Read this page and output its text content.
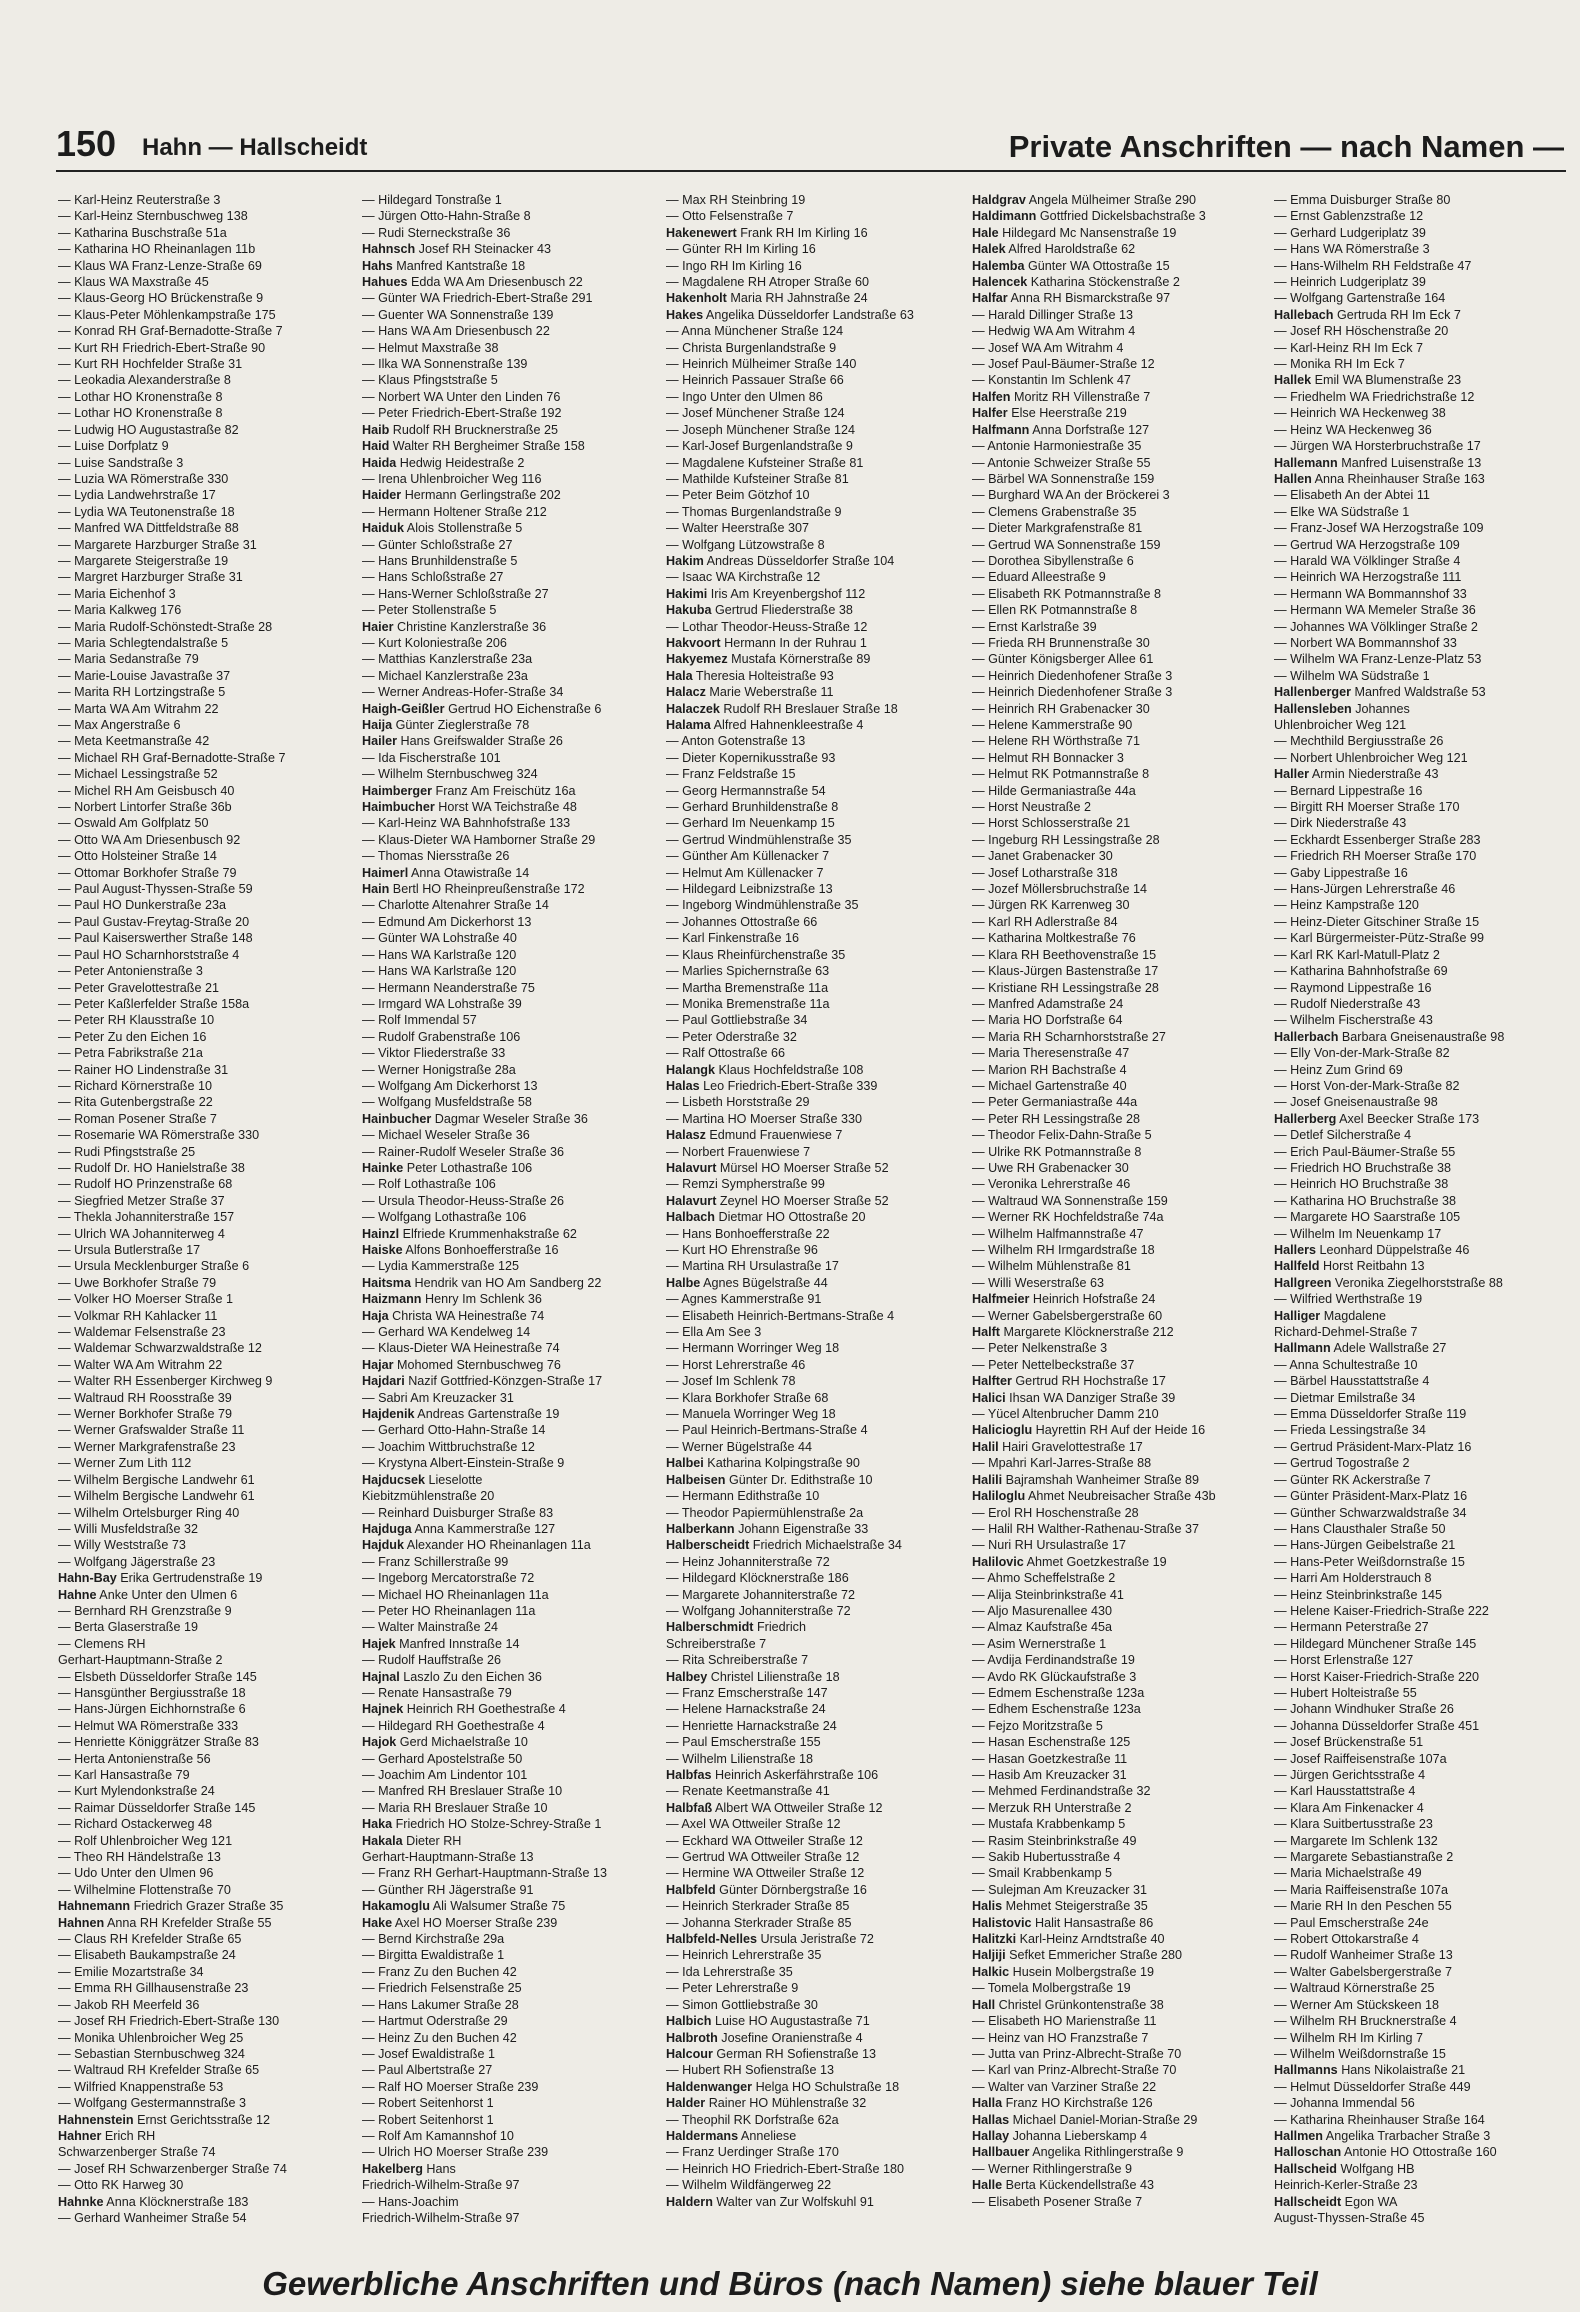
150 Hahn — Hallscheidt	Private Anschriften — nach Namen —
— Karl-Heinz Reuterstraße 3
— Karl-Heinz Sternbuschweg 138
— Katharina Buschstraße 51a
— Katharina HO Rheinanlagen 11b
— Klaus WA Franz-Lenze-Straße 69
— Klaus WA Maxstraße 45
— Klaus-Georg HO Brückenstraße 9
— Klaus-Peter Möhlenkampstraße 175
— Konrad RH Graf-Bernadotte-Straße 7
— Kurt RH Friedrich-Ebert-Straße 90
— Kurt RH Hochfelder Straße 31
— Leokadia Alexanderstraße 8
— Lothar HO Kronenstraße 8
— Lothar HO Kronenstraße 8
— Ludwig HO Augustastraße 82
— Luise Dorfplatz 9
— Luise Sandstraße 3
— Luzia WA Römerstraße 330
— Lydia Landwehrstraße 17
— Lydia WA Teutonenstraße 18
— Manfred WA Dittfeldstraße 88
— Margarete Harzburger Straße 31
— Margarete Steigerstraße 19
— Margret Harzburger Straße 31
— Maria Eichenhof 3
— Maria Kalkweg 176
— Maria Rudolf-Schönstedt-Straße 28
— Maria Schlegtendalstraße 5
— Maria Sedanstraße 79
— Marie-Louise Javastraße 37
— Marita RH Lortzingstraße 5
— Marta WA Am Witrahm 22
— Max Angerstraße 6
— Meta Keetmanstraße 42
— Michael RH Graf-Bernadotte-Straße 7
— Michael Lessingstraße 52
— Michel RH Am Geisbusch 40
— Norbert Lintorfer Straße 36b
— Oswald Am Golfplatz 50
— Otto WA Am Driesenbusch 92
— Otto Holsteiner Straße 14
— Ottomar Borkhofer Straße 79
— Paul August-Thyssen-Straße 59
— Paul HO Dunkerstraße 23a
— Paul Gustav-Freytag-Straße 20
— Paul Kaiserswerther Straße 148
— Paul HO Scharnhorststraße 4
— Peter Antonienstraße 3
— Peter Gravelottestraße 21
— Peter Kaßlerfelder Straße 158a
— Peter RH Klausstraße 10
— Peter Zu den Eichen 16
— Petra Fabrikstraße 21a
— Rainer HO Lindenstraße 31
— Richard Körnerstraße 10
— Rita Gutenbergstraße 22
— Roman Posener Straße 7
— Rosemarie WA Römerstraße 330
— Rudi Pfingststraße 25
— Rudolf Dr. HO Hanielstraße 38
— Rudolf HO Prinzenstraße 68
— Siegfried Metzer Straße 37
— Thekla Johanniterstraße 157
— Ulrich WA Johanniterweg 4
— Ursula Butlerstraße 17
— Ursula Mecklenburger Straße 6
— Uwe Borkhofer Straße 79
— Volker HO Moerser Straße 1
— Volkmar RH Kahlacker 11
— Waldemar Felsenstraße 23
— Waldemar Schwarzwaldstraße 12
— Walter WA Am Witrahm 22
— Walter RH Essenberger Kirchweg 9
— Waltraud RH Roosstraße 39
— Werner Borkhofer Straße 79
— Werner Grafswalder Straße 11
— Werner Markgrafenstraße 23
— Werner Zum Lith 112
— Wilhelm Bergische Landwehr 61
— Wilhelm Bergische Landwehr 61
— Wilhelm Ortelsburger Ring 40
— Willi Musfeldstraße 32
— Willy Weststraße 73
— Wolfgang Jägerstraße 23
Hahn-Bay Erika Gertrudenstraße 19
Hahne Anke Unter den Ulmen 6
— Bernhard RH Grenzstraße 9
— Berta Glaserstraße 19
— Clemens RH
Gerhart-Hauptmann-Straße 2
— Elsbeth Düsseldorfer Straße 145
— Hansgünther Bergiusstraße 18
— Hans-Jürgen Eichhornstraße 6
— Helmut WA Römerstraße 333
— Henriette Königgrätzer Straße 83
— Herta Antonienstraße 56
— Karl Hansastraße 79
— Kurt Mylendonkstraße 24
— Raimar Düsseldorfer Straße 145
— Richard Ostackerweg 48
— Rolf Uhlenbroicher Weg 121
— Theo RH Händelstraße 13
— Udo Unter den Ulmen 96
— Wilhelmine Flottenstraße 70
Hahnemann Friedrich Grazer Straße 35
Hahnen Anna RH Krefelder Straße 55
— Claus RH Krefelder Straße 65
— Elisabeth Baukampstraße 24
— Emilie Mozartstraße 34
— Emma RH Gillhausenstraße 23
— Jakob RH Meerfeld 36
— Josef RH Friedrich-Ebert-Straße 130
— Monika Uhlenbroicher Weg 25
— Sebastian Sternbuschweg 324
— Waltraud RH Krefelder Straße 65
— Wilfried Knappenstraße 53
— Wolfgang Gestermannstraße 3
Hahnenstein Ernst Gerichtsstraße 12
Hahner Erich RH
Schwarzenberger Straße 74
— Josef RH Schwarzenberger Straße 74
— Otto RK Harweg 30
Hahnke Anna Klöcknerstraße 183
— Gerhard Wanheimer Straße 54
— Hildegard Tonstraße 1
— Jürgen Otto-Hahn-Straße 8
— Rudi Sterneckstraße 36
Hahnsch Josef RH Steinacker 43
Hahs Manfred Kantstraße 18
Hahues Edda WA Am Driesenbusch 22
— Günter WA Friedrich-Ebert-Straße 291
— Guenter WA Sonnenstraße 139
— Hans WA Am Driesenbusch 22
— Helmut Maxstraße 38
— Ilka WA Sonnenstraße 139
— Klaus Pfingststraße 5
— Norbert WA Unter den Linden 76
— Peter Friedrich-Ebert-Straße 192
Haib Rudolf RH Brucknerstraße 25
Haid Walter RH Bergheimer Straße 158
Haida Hedwig Heidestraße 2
— Irena Uhlenbroicher Weg 116
Haider Hermann Gerlingstraße 202
— Hermann Holtener Straße 212
Haiduk Alois Stollenstraße 5
— Günter Schloßstraße 27
— Hans Brunhildenstraße 5
— Hans Schloßstraße 27
— Hans-Werner Schloßstraße 27
— Peter Stollenstraße 5
Haier Christine Kanzlerstraße 36
— Kurt Koloniestraße 206
— Matthias Kanzlerstraße 23a
— Michael Kanzlerstraße 23a
— Werner Andreas-Hofer-Straße 34
Haigh-Geißler Gertrud HO Eichenstraße 6
Haija Günter Zieglerstraße 78
Hailer Hans Greifswalder Straße 26
— Ida Fischerstraße 101
— Wilhelm Sternbuschweg 324
Haimberger Franz Am Freischütz 16a
Haimbucher Horst WA Teichstraße 48
— Karl-Heinz WA Bahnhofstraße 133
— Klaus-Dieter WA Hamborner Straße 29
— Thomas Niersstraße 26
Haimerl Anna Otawistraße 14
Hain Bertl HO Rheinpreußenstraße 172
— Charlotte Altenahrer Straße 14
— Edmund Am Dickerhorst 13
— Günter WA Lohstraße 40
— Hans WA Karlstraße 120
— Hans WA Karlstraße 120
— Hermann Neanderstraße 75
— Irmgard WA Lohstraße 39
— Rolf Immendal 57
— Rudolf Grabenstraße 106
— Viktor Fliederstraße 33
— Werner Honigstraße 28a
— Wolfgang Am Dickerhorst 13
— Wolfgang Musfeldstraße 58
Hainbucher Dagmar Weseler Straße 36
— Michael Weseler Straße 36
— Rainer-Rudolf Weseler Straße 36
Hainke Peter Lothastraße 106
— Rolf Lothastraße 106
— Ursula Theodor-Heuss-Straße 26
— Wolfgang Lothastraße 106
Hainzl Elfriede Krummenhakstraße 62
Haiske Alfons Bonhoefferstraße 16
— Lydia Kammerstraße 125
Haitsma Hendrik van HO Am Sandberg 22
Haizmann Henry Im Schlenk 36
Haja Christa WA Heinestraße 74
— Gerhard WA Kendelweg 14
— Klaus-Dieter WA Heinestraße 74
Hajar Mohomed Sternbuschweg 76
Hajdari Nazif Gottfried-Könzgen-Straße 17
— Sabri Am Kreuzacker 31
Hajdenik Andreas Gartenstraße 19
— Gerhard Otto-Hahn-Straße 14
— Joachim Wittbruchstraße 12
— Krystyna Albert-Einstein-Straße 9
Hajducsek Lieselotte
Kiebitzmühlenstraße 20
— Reinhard Duisburger Straße 83
Hajduga Anna Kammerstraße 127
Hajduk Alexander HO Rheinanlagen 11a
— Franz Schillerstraße 99
— Ingeborg Mercatorstraße 72
— Michael HO Rheinanlagen 11a
— Peter HO Rheinanlagen 11a
— Walter Mainstraße 24
Hajek Manfred Innstraße 14
— Rudolf Hauffstraße 26
Hajnal Laszlo Zu den Eichen 36
— Renate Hansastraße 79
Hajnek Heinrich RH Goethestraße 4
— Hildegard RH Goethestraße 4
Hajok Gerd Michaelstraße 10
— Gerhard Apostelstraße 50
— Joachim Am Lindentor 101
— Manfred RH Breslauer Straße 10
— Maria RH Breslauer Straße 10
Haka Friedrich HO Stolze-Schrey-Straße 1
Hakala Dieter RH
Gerhart-Hauptmann-Straße 13
— Franz RH Gerhart-Hauptmann-Straße 13
— Günther RH Jägerstraße 91
Hakamoglu Ali Walsumer Straße 75
Hake Axel HO Moerser Straße 239
— Bernd Kirchstraße 29a
— Birgitta Ewaldistraße 1
— Franz Zu den Buchen 42
— Friedrich Felsenstraße 25
— Hans Lakumer Straße 28
— Hartmut Oderstraße 29
— Heinz Zu den Buchen 42
— Josef Ewaldistraße 1
— Paul Albertstraße 27
— Ralf HO Moerser Straße 239
— Robert Seitenhorst 1
— Robert Seitenhorst 1
— Rolf Am Kamannshof 10
— Ulrich HO Moerser Straße 239
Hakelberg Hans
Friedrich-Wilhelm-Straße 97
— Hans-Joachim
Friedrich-Wilhelm-Straße 97
— Max RH Steinbring 19
— Otto Felsenstraße 7
Hakenewert Frank RH Im Kirling 16
— Günter RH Im Kirling 16
— Ingo RH Im Kirling 16
— Magdalene RH Atroper Straße 60
Hakenholt Maria RH Jahnstraße 24
Hakes Angelika Düsseldorfer Landstraße 63
— Anna Münchener Straße 124
— Christa Burgenlandstraße 9
— Heinrich Mülheimer Straße 140
— Heinrich Passauer Straße 66
— Ingo Unter den Ulmen 86
— Josef Münchener Straße 124
— Joseph Münchener Straße 124
— Karl-Josef Burgenlandstraße 9
— Magdalene Kufsteiner Straße 81
— Mathilde Kufsteiner Straße 81
— Peter Beim Götzhof 10
— Thomas Burgenlandstraße 9
— Walter Heerstraße 307
— Wolfgang Lützowstraße 8
Hakim Andreas Düsseldorfer Straße 104
— Isaac WA Kirchstraße 12
Hakimi Iris Am Kreyenbergshof 112
Hakuba Gertrud Fliederstraße 38
— Lothar Theodor-Heuss-Straße 12
Hakvoort Hermann In der Ruhrau 1
Hakyemez Mustafa Körnerstraße 89
Hala Theresia Holteistraße 93
Halacz Marie Weberstraße 11
Halaczek Rudolf RH Breslauer Straße 18
Halama Alfred Hahnenkleestraße 4
— Anton Gotenstraße 13
— Dieter Kopernikusstraße 93
— Franz Feldstraße 15
— Georg Hermannstraße 54
— Gerhard Brunhildenstraße 8
— Gerhard Im Neuenkamp 15
— Gertrud Windmühlenstraße 35
— Günther Am Küllenacker 7
— Helmut Am Küllenacker 7
— Hildegard Leibnizstraße 13
— Ingeborg Windmühlenstraße 35
— Johannes Ottostraße 66
— Karl Finkenstraße 16
— Klaus Rheinfürchenstraße 35
— Marlies Spichernstraße 63
— Martha Bremenstraße 11a
— Monika Bremenstraße 11a
— Paul Gottliebstraße 34
— Peter Oderstraße 32
— Ralf Ottostraße 66
Halangk Klaus Hochfeldstraße 108
Halas Leo Friedrich-Ebert-Straße 339
— Lisbeth Horststraße 29
— Martina HO Moerser Straße 330
Halasz Edmund Frauenwiese 7
— Norbert Frauenwiese 7
Halavurt Mürsel HO Moerser Straße 52
— Remzi Sympherstraße 99
Halavurt Zeynel HO Moerser Straße 52
Halbach Dietmar HO Ottostraße 20
— Hans Bonhoefferstraße 22
— Kurt HO Ehrenstraße 96
— Martina RH Ursulastraße 17
Halbe Agnes Bügelstraße 44
— Agnes Kammerstraße 91
— Elisabeth Heinrich-Bertmans-Straße 4
— Ella Am See 3
— Hermann Worringer Weg 18
— Horst Lehrerstraße 46
— Josef Im Schlenk 78
— Klara Borkhofer Straße 68
— Manuela Worringer Weg 18
— Paul Heinrich-Bertmans-Straße 4
— Werner Bügelstraße 44
Halbei Katharina Kolpingstraße 90
Halbeisen Günter Dr. Edithstraße 10
— Hermann Edithstraße 10
— Theodor Papiermühlenstraße 2a
Halberkann Johann Eigenstraße 33
Halberscheidt Friedrich Michaelstraße 34
— Heinz Johanniterstraße 72
— Hildegard Klöcknerstraße 186
— Margarete Johanniterstraße 72
— Wolfgang Johanniterstraße 72
Halberschmidt Friedrich
Schreiberstraße 7
— Rita Schreiberstraße 7
Halbey Christel Lilienstraße 18
— Franz Emscherstraße 147
— Helene Harnackstraße 24
— Henriette Harnackstraße 24
— Paul Emscherstraße 155
— Wilhelm Lilienstraße 18
Halbfas Heinrich Askerfährstraße 106
— Renate Keetmanstraße 41
Halbfaß Albert WA Ottweiler Straße 12
— Axel WA Ottweiler Straße 12
— Eckhard WA Ottweiler Straße 12
— Gertrud WA Ottweiler Straße 12
— Hermine WA Ottweiler Straße 12
Halbfeld Günter Dörnbergstraße 16
— Heinrich Sterkrader Straße 85
— Johanna Sterkrader Straße 85
Halbfeld-Nelles Ursula Jeristraße 72
— Heinrich Lehrerstraße 35
— Ida Lehrerstraße 35
— Peter Lehrerstraße 9
— Simon Gottliebstraße 30
Halbich Luise HO Augustastraße 71
Halbroth Josefine Oranienstraße 4
Halcour German RH Sofienstraße 13
— Hubert RH Sofienstraße 13
Haldenwanger Helga HO Schulstraße 18
Halder Rainer HO Mühlenstraße 32
— Theophil RK Dorfstraße 62a
Haldermans Anneliese
— Franz Uerdinger Straße 170
— Heinrich HO Friedrich-Ebert-Straße 180
— Wilhelm Wildfängerweg 22
Haldern Walter van Zur Wolfskuhl 91
Haldgrav Angela Mülheimer Straße 290
Haldimann Gottfried Dickelsbachstraße 3
Hale Hildegard Mc Nansenstraße 19
Halek Alfred Haroldstraße 62
Halemba Günter WA Ottostraße 15
Halencek Katharina Stöckenstraße 2
Halfar Anna RH Bismarckstraße 97
— Harald Dillinger Straße 13
— Hedwig WA Am Witrahm 4
— Josef WA Am Witrahm 4
— Josef Paul-Bäumer-Straße 12
— Konstantin Im Schlenk 47
Halfen Moritz RH Villenstraße 7
Halfer Else Heerstraße 219
Halfmann Anna Dorfstraße 127
— Antonie Harmoniestraße 35
— Antonie Schweizer Straße 55
— Bärbel WA Sonnenstraße 159
— Burghard WA An der Bröckerei 3
— Clemens Grabenstraße 35
— Dieter Markgrafenstraße 81
— Gertrud WA Sonnenstraße 159
— Dorothea Sibyllenstraße 6
— Eduard Alleestraße 9
— Elisabeth RK Potmannstraße 8
— Ellen RK Potmannstraße 8
— Ernst Karlstraße 39
— Frieda RH Brunnenstraße 30
— Günter Königsberger Allee 61
— Heinrich Diedenhofener Straße 3
— Heinrich Diedenhofener Straße 3
— Heinrich RH Grabenacker 30
— Helene Kammerstraße 90
— Helene RH Wörthstraße 71
— Helmut RH Bonnacker 3
— Helmut RK Potmannstraße 8
— Hilde Germaniastraße 44a
— Horst Neustraße 2
— Horst Schlosserstraße 21
— Ingeburg RH Lessingstraße 28
— Janet Grabenacker 30
— Josef Lotharstraße 318
— Jozef Möllersbruchstraße 14
— Jürgen RK Karrenweg 30
— Karl RH Adlerstraße 84
— Katharina Moltkestraße 76
— Klara RH Beethovenstraße 15
— Klaus-Jürgen Bastenstraße 17
— Kristiane RH Lessingstraße 28
— Manfred Adamstraße 24
— Maria HO Dorfstraße 64
— Maria RH Scharnhorststraße 27
— Maria Theresenstraße 47
— Marion RH Bachstraße 4
— Michael Gartenstraße 40
— Peter Germaniastraße 44a
— Peter RH Lessingstraße 28
— Theodor Felix-Dahn-Straße 5
— Ulrike RK Potmannstraße 8
— Uwe RH Grabenacker 30
— Veronika Lehrerstraße 46
— Waltraud WA Sonnenstraße 159
— Werner RK Hochfeldstraße 74a
— Wilhelm Halfmannstraße 47
— Wilhelm RH Irmgardstraße 18
— Wilhelm Mühlenstraße 81
— Willi Weserstraße 63
Halfmeier Heinrich Hofstraße 24
— Werner Gabelsbergerstraße 60
Halft Margarete Klöcknerstraße 212
— Peter Nelkenstraße 3
— Peter Nettelbeckstraße 37
Halfter Gertrud RH Hochstraße 17
Halici Ihsan WA Danziger Straße 39
— Yücel Altenbrucher Damm 210
Halicioglu Hayrettin RH Auf der Heide 16
Halil Hairi Gravelottestraße 17
— Mpahri Karl-Jarres-Straße 88
Halili Bajramshah Wanheimer Straße 89
Haliloglu Ahmet Neubreisacher Straße 43b
— Erol RH Hoschenstraße 28
— Halil RH Walther-Rathenau-Straße 37
— Nuri RH Ursulastraße 17
Halilovic Ahmet Goetzkestraße 19
— Ahmo Scheffelstraße 2
— Alija Steinbrinkstraße 41
— Aljo Masurenallee 430
— Almaz Kaufstraße 45a
— Asim Wernerstraße 1
— Avdija Ferdinandstraße 19
— Avdo RK Glückaufstraße 3
— Edmem Eschenstraße 123a
— Edhem Eschenstraße 123a
— Fejzo Moritzstraße 5
— Hasan Eschenstraße 125
— Hasan Goetzkestraße 11
— Hasib Am Kreuzacker 31
— Mehmed Ferdinandstraße 32
— Merzuk RH Unterstraße 2
— Mustafa Krabbenkamp 5
— Rasim Steinbrinkstraße 49
— Sakib Hubertusstraße 4
— Smail Krabbenkamp 5
— Sulejman Am Kreuzacker 31
Halis Mehmet Steigerstraße 35
Halistovic Halit Hansastraße 86
Halitzki Karl-Heinz Arndtstraße 40
Haljiji Sefket Emmericher Straße 280
Halkic Husein Molbergstraße 19
— Tomela Molbergstraße 19
Hall Christel Grünkontenstraße 38
— Elisabeth HO Marienstraße 11
— Heinz van HO Franzstraße 7
— Jutta van Prinz-Albrecht-Straße 70
— Karl van Prinz-Albrecht-Straße 70
— Walter van Varziner Straße 22
Halla Franz HO Kirchstraße 126
Hallas Michael Daniel-Morian-Straße 29
Hallay Johanna Lieberskamp 4
Hallbauer Angelika Rithlingerstraße 9
— Werner Rithlingerstraße 9
Halle Berta Kückendellstraße 43
— Elisabeth Posener Straße 7
— Emma Duisburger Straße 80
— Ernst Gablenzstraße 12
— Gerhard Ludgeriplatz 39
— Hans WA Römerstraße 3
— Hans-Wilhelm RH Feldstraße 47
— Heinrich Ludgeriplatz 39
— Wolfgang Gartenstraße 164
Hallebach Gertruda RH Im Eck 7
— Josef RH Höschenstraße 20
— Karl-Heinz RH Im Eck 7
— Monika RH Im Eck 7
Hallek Emil WA Blumenstraße 23
— Friedhelm WA Friedrichstraße 12
— Heinrich WA Heckenweg 38
— Heinz WA Heckenweg 36
— Jürgen WA Horsterbruchstraße 17
Hallemann Manfred Luisenstraße 13
Hallen Anna Rheinhauser Straße 163
— Elisabeth An der Abtei 11
— Elke WA Südstraße 1
— Franz-Josef WA Herzogstraße 109
— Gertrud WA Herzogstraße 109
— Harald WA Völklinger Straße 4
— Heinrich WA Herzogstraße 111
— Hermann WA Bommannshof 33
— Hermann WA Memeler Straße 36
— Johannes WA Völklinger Straße 2
— Norbert WA Bommannshof 33
— Wilhelm WA Franz-Lenze-Platz 53
— Wilhelm WA Südstraße 1
Hallenberger Manfred Waldstraße 53
Hallensleben Johannes
Uhlenbroicher Weg 121
— Mechthild Bergiusstraße 26
— Norbert Uhlenbroicher Weg 121
Haller Armin Niederstraße 43
— Bernard Lippestraße 16
— Birgitt RH Moerser Straße 170
— Dirk Niederstraße 43
— Eckhardt Essenberger Straße 283
— Friedrich RH Moerser Straße 170
— Gaby Lippestraße 16
— Hans-Jürgen Lehrerstraße 46
— Heinz Kampstraße 120
— Heinz-Dieter Gitschiner Straße 15
— Karl Bürgermeister-Pütz-Straße 99
— Karl RK Karl-Matull-Platz 2
— Katharina Bahnhofstraße 69
— Raymond Lippestraße 16
— Rudolf Niederstraße 43
— Wilhelm Fischerstraße 43
Hallerbach Barbara Gneisenaustraße 98
— Elly Von-der-Mark-Straße 82
— Heinz Zum Grind 69
— Horst Von-der-Mark-Straße 82
— Josef Gneisenaustraße 98
Hallerberg Axel Beecker Straße 173
— Detlef Silcherstraße 4
— Erich Paul-Bäumer-Straße 55
— Friedrich HO Bruchstraße 38
— Heinrich HO Bruchstraße 38
— Katharina HO Bruchstraße 38
— Margarete HO Saarstraße 105
— Wilhelm Im Neuenkamp 17
Hallers Leonhard Düppelstraße 46
Hallfeld Horst Reitbahn 13
Hallgreen Veronika Ziegelhorststraße 88
— Wilfried Werthstraße 19
Halliger Magdalene
Richard-Dehmel-Straße 7
Hallmann Adele Wallstraße 27
— Anna Schultestraße 10
— Bärbel Hausstattstraße 4
— Dietmar Emilstraße 34
— Emma Düsseldorfer Straße 119
— Frieda Lessingstraße 34
— Gertrud Präsident-Marx-Platz 16
— Gertrud Togostraße 2
— Günter RK Ackerstraße 7
— Günter Präsident-Marx-Platz 16
— Günther Schwarzwaldstraße 34
— Hans Clausthaler Straße 50
— Hans-Jürgen Geibelstraße 21
— Hans-Peter Weißdornstraße 15
— Harri Am Holderstrauch 8
— Heinz Steinbrinkstraße 145
— Helene Kaiser-Friedrich-Straße 222
— Hermann Peterstraße 27
— Hildegard Münchener Straße 145
— Horst Erlenstraße 127
— Horst Kaiser-Friedrich-Straße 220
— Hubert Holteistraße 55
— Johann Windhuker Straße 26
— Johanna Düsseldorfer Straße 451
— Josef Brückenstraße 51
— Josef Raiffeisenstraße 107a
— Jürgen Gerichtsstraße 4
— Karl Hausstattstraße 4
— Klara Am Finkenacker 4
— Klara Suitbertusstraße 23
— Margarete Im Schlenk 132
— Margarete Sebastianstraße 2
— Maria Michaelstraße 49
— Maria Raiffeisenstraße 107a
— Marie RH In den Peschen 55
— Paul Emscherstraße 24e
— Robert Ottokarstraße 4
— Rudolf Wanheimer Straße 13
— Walter Gabelsbergerstraße 7
— Waltraud Körnerstraße 25
— Werner Am Stückskeen 18
— Wilhelm RH Brucknerstraße 4
— Wilhelm RH Im Kirling 7
— Wilhelm Weißdornstraße 15
Hallmanns Hans Nikolaistraße 21
— Helmut Düsseldorfer Straße 449
— Johanna Immendal 56
— Katharina Rheinhauser Straße 164
Hallmen Angelika Trarbacher Straße 3
Halloschan Antonie HO Ottostraße 160
Hallscheid Wolfgang HB
Heinrich-Kerler-Straße 23
Hallscheidt Egon WA
August-Thyssen-Straße 45
Gewerbliche Anschriften und Büros (nach Namen) siehe blauer Teil
